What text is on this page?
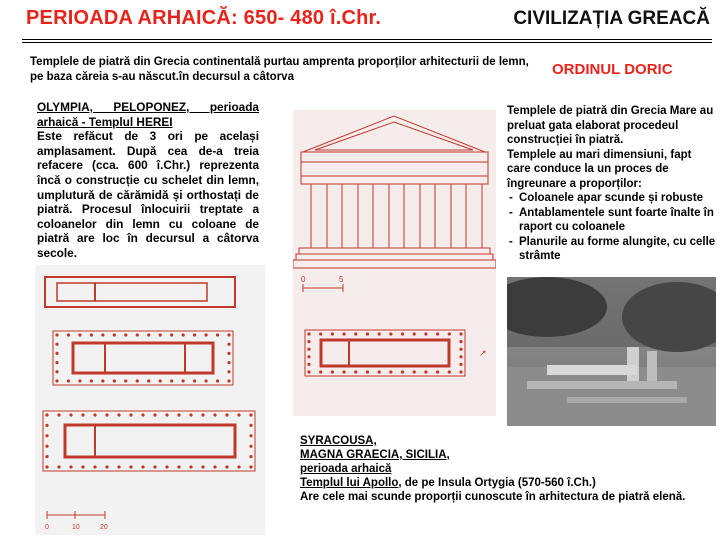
PERIOADA ARHAICĂ: 650- 480 î.Chr.	CIVILIZAȚIA GREACĂ
Templele de piatră din Grecia continentală purtau amprenta proporților arhitecturii de lemn, pe baza căreia s-au născut.în decursul a câtorva	ORDINUL DORIC
OLYMPIA, PELOPONEZ, perioada
arhaică - Templul HEREI
Este refăcut de 3 ori pe același amplasament. După cea de-a treia refacere (cca. 600 î.Chr.) reprezenta încă o construcție cu schelet din lemn, umplutură de cărămidă și orthostați de piatră. Procesul înlocuirii treptate a coloanelor din lemn cu coloane de piatră are loc în decursul a câtorva secole.
Templele de piatră din Grecia Mare au preluat gata elaborat procedeul construcției în piatră.
Templele au mari dimensiuni, fapt care conduce la un proces de îngreunare a proporților:
- Coloanele apar scunde și robuste
- Antablamentele sunt foarte înalte în raport cu coloanele
- Planurile au forme alungite, cu celle strâmte
0	10	20
0	5
↗
SYRACOUSA,
MAGNA GRAECIA, SICILIA,
perioada arhaică
Templul lui Apollo, de pe Insula Ortygia (570-560 î.Ch.)
Are cele mai scunde proporții cunoscute în arhitectura de piatră elenă.
